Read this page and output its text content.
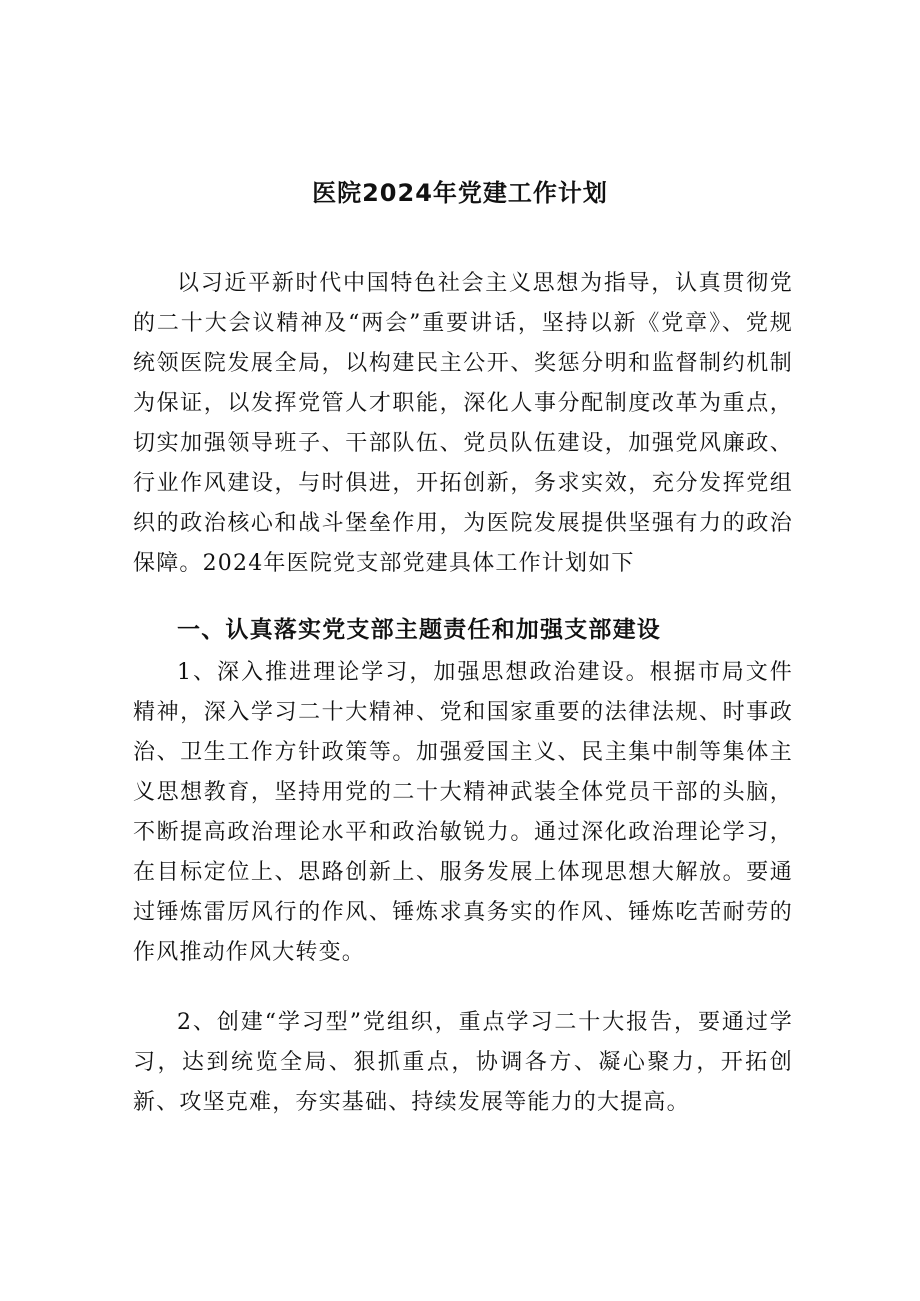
医院2024年党建工作计划

以习近平新时代中国特色社会主义思想为指导，认真贯彻党的二十大会议精神及“两会”重要讲话，坚持以新《党章》、党规统领医院发展全局，以构建民主公开、奖惩分明和监督制约机制为保证，以发挥党管人才职能，深化人事分配制度改革为重点，切实加强领导班子、干部队伍、党员队伍建设，加强党风廉政、行业作风建设，与时俱进，开拓创新，务求实效，充分发挥党组织的政治核心和战斗堡垒作用，为医院发展提供坚强有力的政治保障。2024年医院党支部党建具体工作计划如下

一、认真落实党支部主题责任和加强支部建设

1、深入推进理论学习，加强思想政治建设。根据市局文件精神，深入学习二十大精神、党和国家重要的法律法规、时事政治、卫生工作方针政策等。加强爱国主义、民主集中制等集体主义思想教育，坚持用党的二十大精神武装全体党员干部的头脑，不断提高政治理论水平和政治敏锐力。通过深化政治理论学习，在目标定位上、思路创新上、服务发展上体现思想大解放。要通过锤炼雷厉风行的作风、锤炼求真务实的作风、锤炼吃苦耐劳的作风推动作风大转变。

2、创建“学习型”党组织，重点学习二十大报告，要通过学习，达到统览全局、狠抓重点，协调各方、凝心聚力，开拓创新、攻坚克难，夯实基础、持续发展等能力的大提高。
